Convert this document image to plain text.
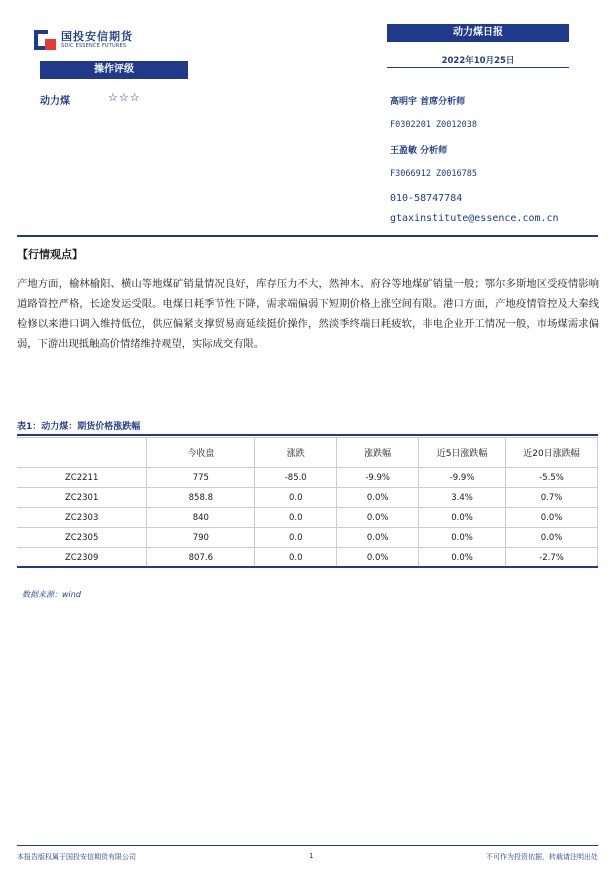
国投安信期货
SDIC ESSENCE FUTURES
动力煤日报
2022年10月25日
操作评级
动力煤	☆☆☆	高明宇 首席分析师
F0302201 Z0012038
王盈敏 分析师
F3066912 Z0016785
010-58747784
gtaxinstitute@essence.com.cn
【行情观点】
产地方面，榆林榆阳、横山等地煤矿销量情况良好，库存压力不大，然神木、府谷等地煤矿销量一般；鄂尔多斯地区受疫情影响道路管控严格，长途发运受限。电煤日耗季节性下降，需求端偏弱下短期价格上涨空间有限。港口方面，产地疫情管控及大秦线检修以来港口调入维持低位，供应偏紧支撑贸易商延续挺价操作，然淡季终端日耗疲软，非电企业开工情况一般，市场煤需求偏弱，下游出现抵触高价情绪维持观望，实际成交有限。
表1：动力煤：期货价格涨跌幅
	今收盘	涨跌	涨跌幅	近5日涨跌幅	近20日涨跌幅
ZC2211	775	-85.0	-9.9%	-9.9%	-5.5%
ZC2301	858.8	0.0	0.0%	3.4%	0.7%
ZC2303	840	0.0	0.0%	0.0%	0.0%
ZC2305	790	0.0	0.0%	0.0%	0.0%
ZC2309	807.6	0.0	0.0%	0.0%	-2.7%
数据来源：wind
本报告版权属于国投安信期货有限公司	1	不可作为投资依据，转载请注明出处
